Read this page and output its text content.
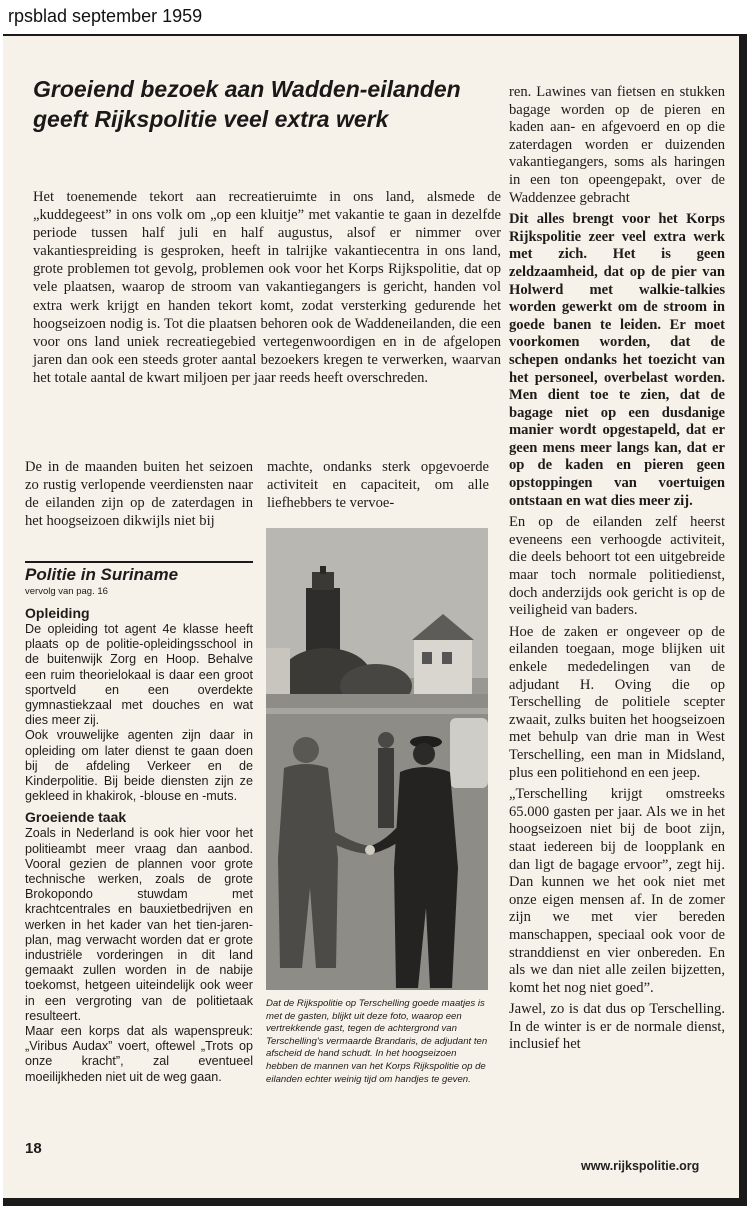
rpsblad september 1959
Groeiend bezoek aan Wadden-eilanden geeft Rijkspolitie veel extra werk

Het toenemende tekort aan recreatieruimte in ons land, alsmede de „kuddegeest” in ons volk om „op een kluitje” met vakantie te gaan in dezelfde periode tussen half juli en half augustus, alsof er nimmer over vakantiespreiding is gesproken, heeft in talrijke vakantiecentra in ons land, grote problemen tot gevolg, problemen ook voor het Korps Rijkspolitie, dat op vele plaatsen, waarop de stroom van vakantiegangers is gericht, handen vol extra werk krijgt en handen tekort komt, zodat versterking gedurende het hoogseizoen nodig is. Tot die plaatsen behoren ook de Waddeneilanden, die een voor ons land uniek recreatiegebied vertegenwoordigen en in de afgelopen jaren dan ook een steeds groter aantal bezoekers kregen te verwerken, waarvan het totale aantal de kwart miljoen per jaar reeds heeft overschreden.

De in de maanden buiten het seizoen zo rustig verlopende veerdiensten naar de eilanden zijn op de zaterdagen in het hoogseizoen dikwijls niet bij

machte, ondanks sterk opgevoerde activiteit en capaciteit, om alle liefhebbers te vervoe-

ren. Lawines van fietsen en stukken bagage worden op de pieren en kaden aan- en afgevoerd en op die zaterdagen worden er duizenden vakantiegangers, soms als haringen in een ton opeengepakt, over de Waddenzee gebracht

Dit alles brengt voor het Korps Rijkspolitie zeer veel extra werk met zich. Het is geen zeldzaamheid, dat op de pier van Holwerd met walkie-talkies worden gewerkt om de stroom in goede banen te leiden. Er moet voorkomen worden, dat de schepen ondanks het toezicht van het personeel, overbelast worden. Men dient toe te zien, dat de bagage niet op een dusdanige manier wordt opgestapeld, dat er geen mens meer langs kan, dat er op de kaden en pieren geen opstoppingen van voertuigen ontstaan en wat dies meer zij.

En op de eilanden zelf heerst eveneens een verhoogde activiteit, die deels behoort tot een uitgebreide maar toch normale politiedienst, doch anderzijds ook gericht is op de veiligheid van baders.

Hoe de zaken er ongeveer op de eilanden toegaan, moge blijken uit enkele mededelingen van de adjudant H. Oving die op Terschelling de politiele scepter zwaait, zulks buiten het hoogseizoen met behulp van drie man in West Terschelling, een man in Midsland, plus een politiehond en een jeep.

„Terschelling krijgt omstreeks 65.000 gasten per jaar. Als we in het hoogseizoen niet bij de boot zijn, staat iedereen bij de loopplank en dan ligt de bagage ervoor”, zegt hij. Dan kunnen we het ook niet met onze eigen mensen af. In de zomer zijn we met vier bereden manschappen, speciaal ook voor de stranddienst en vier onbereden. En als we dan niet alle zeilen bijzetten, komt het nog niet goed”.

Jawel, zo is dat dus op Terschelling. In de winter is er de normale dienst, inclusief het

Politie in Suriname

vervolg van pag. 16

Opleiding

De opleiding tot agent 4e klasse heeft plaats op de politie-opleidingsschool in de buitenwijk Zorg en Hoop. Behalve een ruim theorielokaal is daar een groot sportveld en een overdekte gymnastiekzaal met douches en wat dies meer zij.

Ook vrouwelijke agenten zijn daar in opleiding om later dienst te gaan doen bij de afdeling Verkeer en de Kinderpolitie. Bij beide diensten zijn ze gekleed in khakirok, -blouse en -muts.

Groeiende taak

Zoals in Nederland is ook hier voor het politieambt meer vraag dan aanbod. Vooral gezien de plannen voor grote technische werken, zoals de grote Brokopondo stuwdam met krachtcentrales en bauxietbedrijven en werken in het kader van het tien-jaren-plan, mag verwacht worden dat er grote industriële vorderingen in dit land gemaakt zullen worden in de nabije toekomst, hetgeen uiteindelijk ook weer in een vergroting van de politietaak resulteert.

Maar een korps dat als wapenspreuk: „Viribus Audax” voert, oftewel „Trots op onze kracht”, zal eventueel moeilijkheden niet uit de weg gaan.

Dat de Rijkspolitie op Terschelling goede maatjes is met de gasten, blijkt uit deze foto, waarop een vertrekkende gast, tegen de achtergrond van Terschelling's vermaarde Brandaris, de adjudant ten afscheid de hand schudt. In het hoogseizoen hebben de mannen van het Korps Rijkspolitie op de eilanden echter weinig tijd om handjes te geven.

18
www.rijkspolitie.org
